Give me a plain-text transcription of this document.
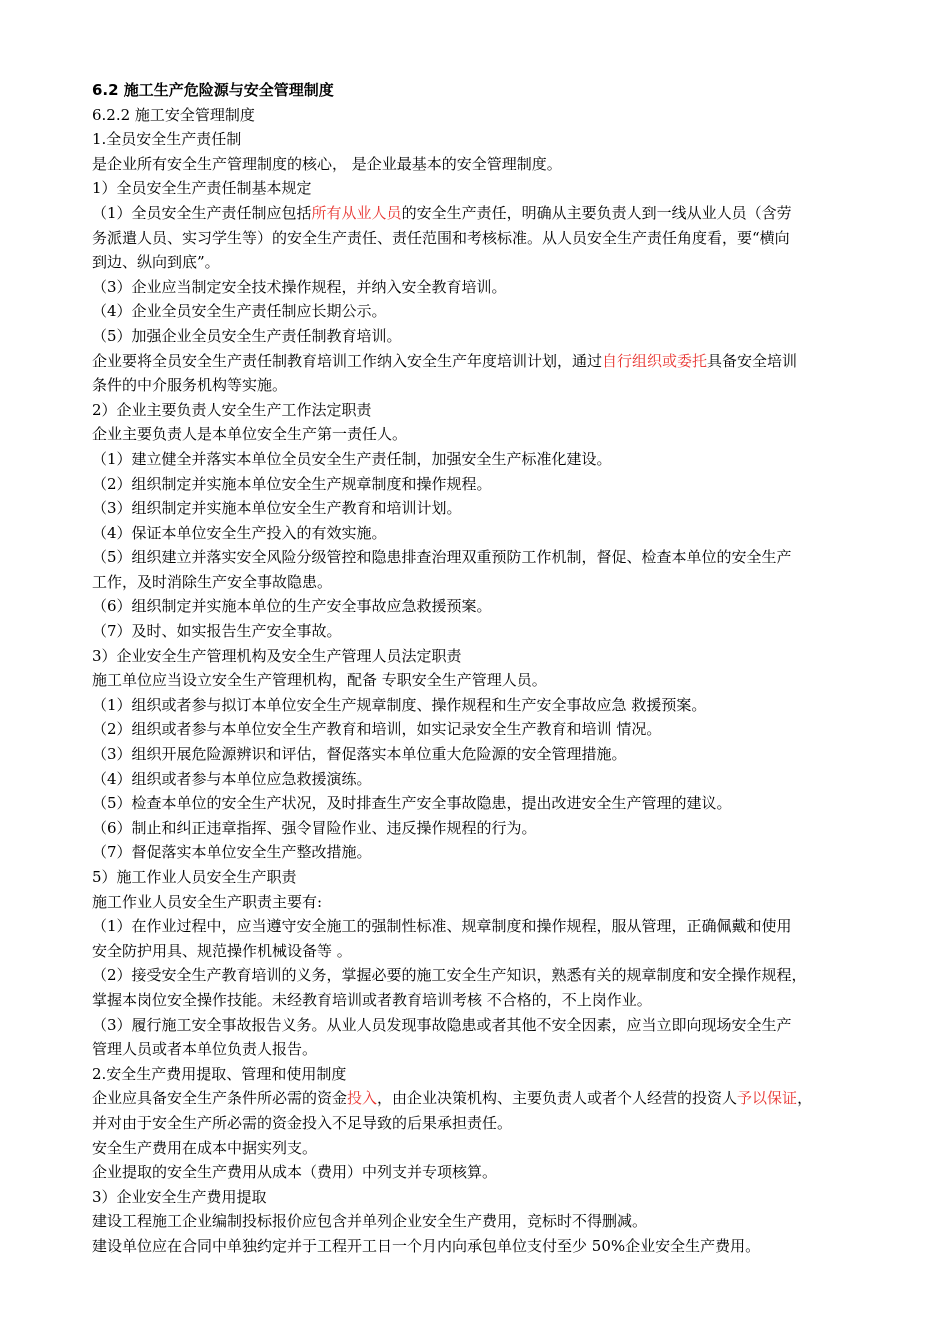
6.2 施工生产危险源与安全管理制度

6.2.2 施工安全管理制度

1.全员安全生产责任制

是企业所有安全生产管理制度的核心， 是企业最基本的安全管理制度。

1）全员安全生产责任制基本规定

（1）全员安全生产责任制应包括所有从业人员的安全生产责任，明确从主要负责人到一线从业人员（含劳

务派遣人员、实习学生等）的安全生产责任、责任范围和考核标准。从人员安全生产责任角度看，要“横向

到边、纵向到底”。

（3）企业应当制定安全技术操作规程，并纳入安全教育培训。

（4）企业全员安全生产责任制应长期公示。

（5）加强企业全员安全生产责任制教育培训。

企业要将全员安全生产责任制教育培训工作纳入安全生产年度培训计划，通过自行组织或委托具备安全培训

条件的中介服务机构等实施。

2）企业主要负责人安全生产工作法定职责

企业主要负责人是本单位安全生产第一责任人。

（1）建立健全并落实本单位全员安全生产责任制，加强安全生产标准化建设。

（2）组织制定并实施本单位安全生产规章制度和操作规程。

（3）组织制定并实施本单位安全生产教育和培训计划。

（4）保证本单位安全生产投入的有效实施。

（5）组织建立并落实安全风险分级管控和隐患排查治理双重预防工作机制，督促、检查本单位的安全生产

工作，及时消除生产安全事故隐患。

（6）组织制定并实施本单位的生产安全事故应急救援预案。

（7）及时、如实报告生产安全事故。

3）企业安全生产管理机构及安全生产管理人员法定职责

施工单位应当设立安全生产管理机构，配备 专职安全生产管理人员。

（1）组织或者参与拟订本单位安全生产规章制度、操作规程和生产安全事故应急 救援预案。

（2）组织或者参与本单位安全生产教育和培训，如实记录安全生产教育和培训 情况。

（3）组织开展危险源辨识和评估，督促落实本单位重大危险源的安全管理措施。

（4）组织或者参与本单位应急救援演练。

（5）检查本单位的安全生产状况，及时排查生产安全事故隐患，提出改进安全生产管理的建议。

（6）制止和纠正违章指挥、强令冒险作业、违反操作规程的行为。

（7）督促落实本单位安全生产整改措施。

5）施工作业人员安全生产职责

施工作业人员安全生产职责主要有:

（1）在作业过程中，应当遵守安全施工的强制性标准、规章制度和操作规程，服从管理，正确佩戴和使用

安全防护用具、规范操作机械设备等 。

（2）接受安全生产教育培训的义务，掌握必要的施工安全生产知识，熟悉有关的规章制度和安全操作规程，

掌握本岗位安全操作技能。未经教育培训或者教育培训考核 不合格的，不上岗作业。

（3）履行施工安全事故报告义务。从业人员发现事故隐患或者其他不安全因素，应当立即向现场安全生产

管理人员或者本单位负责人报告。

2.安全生产费用提取、管理和使用制度

企业应具备安全生产条件所必需的资金投入，由企业决策机构、主要负责人或者个人经营的投资人予以保证，

并对由于安全生产所必需的资金投入不足导致的后果承担责任。

安全生产费用在成本中据实列支。

企业提取的安全生产费用从成本（费用）中列支并专项核算。

3）企业安全生产费用提取

建设工程施工企业编制投标报价应包含并单列企业安全生产费用，竞标时不得删减。

建设单位应在合同中单独约定并于工程开工日一个月内向承包单位支付至少 50%企业安全生产费用。
